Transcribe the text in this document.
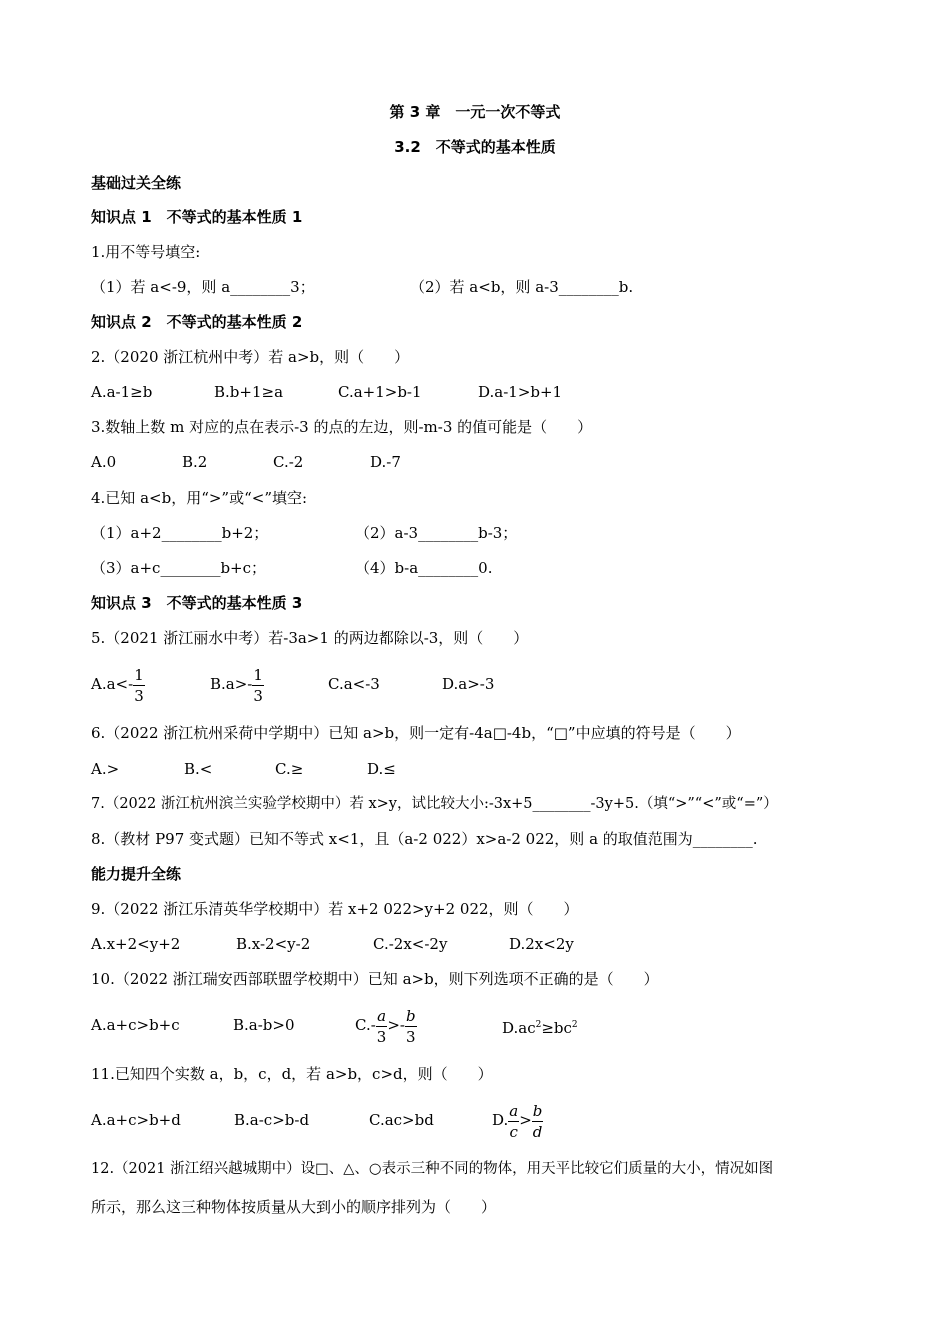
第 3 章　一元一次不等式
3.2　不等式的基本性质
基础过关全练
知识点 1　不等式的基本性质 1
1.用不等号填空:
（1）若 a<-9，则 a________3；	（2）若 a<b，则 a-3________b.
知识点 2　不等式的基本性质 2
2.（2020 浙江杭州中考）若 a>b，则（　　）
A.a-1≥b	B.b+1≥a	C.a+1>b-1	D.a-1>b+1
3.数轴上数 m 对应的点在表示-3 的点的左边，则-m-3 的值可能是（　　）
A.0	B.2	C.-2	D.-7
4.已知 a<b，用“>”或“<”填空:
（1）a+2________b+2；	（2）a-3________b-3；
（3）a+c________b+c；	（4）b-a________0.
知识点 3　不等式的基本性质 3
5.（2021 浙江丽水中考）若-3a>1 的两边都除以-3，则（　　）
$A.a<- \frac{1}{3}$	$B.a>- \frac{1}{3}$	C.a<-3	D.a>-3
6.（2022 浙江杭州采荷中学期中）已知 a>b，则一定有-4a□-4b，“□”中应填的符号是（　　）
A.>	B.<	C.≥	D.≤
7.（2022 浙江杭州滨兰实验学校期中）若 x>y，试比较大小:-3x+5________-3y+5.（填“>”“<”或“=”）
8.（教材 P97 变式题）已知不等式 x<1，且（a-2 022）x>a-2 022，则 a 的取值范围为________.
能力提升全练
9.（2022 浙江乐清英华学校期中）若 x+2 022>y+2 022，则（　　）
A.x+2<y+2	B.x-2<y-2	C.-2x<-2y	D.2x<2y
10.（2022 浙江瑞安西部联盟学校期中）已知 a>b，则下列选项不正确的是（　　）
A.a+c>b+c	B.a-b>0	$C.- \frac{a}{3} >- \frac{b}{3}$	$D.ac^2\ge bc^2$
11.已知四个实数 a，b，c，d，若 a>b，c>d，则（　　）
A.a+c>b+d	B.a-c>b-d	C.ac>bd	D. $\frac{a}{c} > \frac{b}{d}$
12.（2021 浙江绍兴越城期中）设□、△、○表示三种不同的物体，用天平比较它们质量的大小，情况如图
所示，那么这三种物体按质量从大到小的顺序排列为（　　）
